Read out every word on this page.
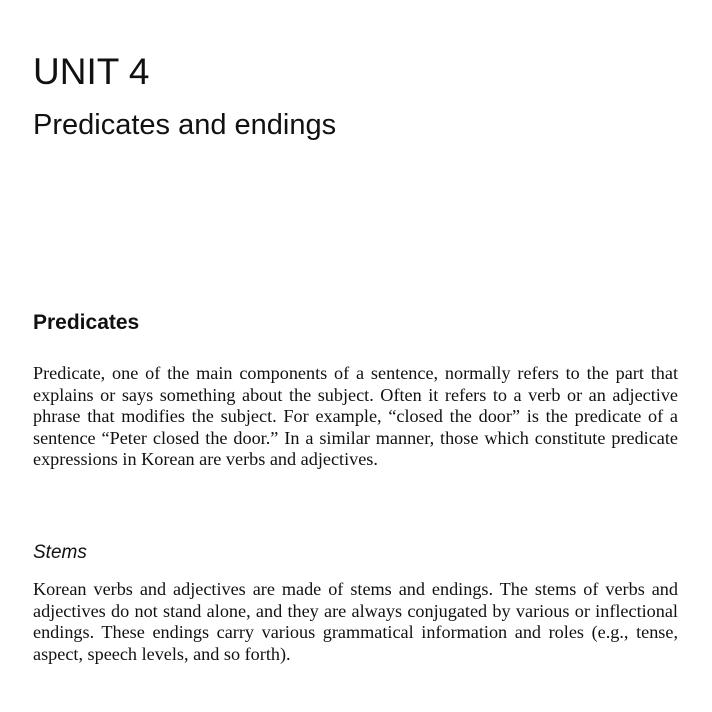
UNIT 4
Predicates and endings
Predicates

Predicate, one of the main components of a sentence, normally refers to the part that explains or says something about the subject. Often it refers to a verb or an adjective phrase that modifies the subject. For example, “closed the door” is the predicate of a sentence “Peter closed the door.” In a similar manner, those which constitute predicate expressions in Korean are verbs and adjectives.

Stems

Korean verbs and adjectives are made of stems and endings. The stems of verbs and adjectives do not stand alone, and they are always conjugated by various or inflectional endings. These endings carry various grammatical information and roles (e.g., tense, aspect, speech levels, and so forth).
